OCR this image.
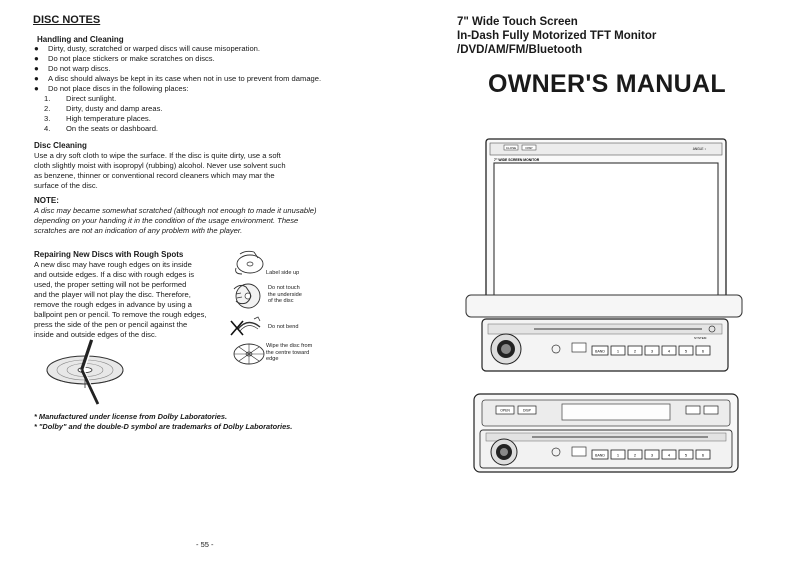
DISC NOTES
Handling and Cleaning
● Dirty, dusty, scratched or warped discs will cause misoperation.
● Do not place stickers or make scratches on discs.
● Do not warp discs.
● A disc should always be kept in its case when not in use to prevent from damage.
● Do not place discs in the following places:
1.	Direct sunlight.
2.	Dirty, dusty and damp areas.
3.	High temperature places.
4.	On the seats or dashboard.
Disc Cleaning
Use a dry soft cloth to wipe the surface. If the disc is quite dirty, use a soft
cloth slightly moist with isopropyl (rubbing) alcohol. Never use solvent such
as benzene, thinner or conventional record cleaners which may mar the
surface of the disc.
NOTE:
A disc may became somewhat scratched (although not enough to made it unusable)
depending on your handing it in the condition of the usage environment. These
scratches are not an indication of any problem with the player.
Repairing New Discs with Rough Spots
A new disc may have rough edges on its inside
and outside edges. If a disc with rough edges is
used, the proper setting will not be performed
and the player will not play the disc. Therefore,
remove the rough edges in advance by using a
ballpoint pen or pencil. To remove the rough edges,
press the side of the pen or pencil against the
inside and outside edges of the disc.
Label side up
Do not touch
the underside
of the disc
Do not bend
Wipe the disc from
the centre toward
edge
* Manufactured under license from Dolby Laboratories.
* "Dolby" and the double-D symbol are trademarks of Dolby Laboratories.
- 55 -
7" Wide Touch Screen
In-Dash Fully Motorized TFT Monitor
/DVD/AM/FM/Bluetooth
OWNER'S MANUAL
CLOSE	DISP	ANGLE ↕
7" WIDE SCREEN MONITOR
SYSTEM
BAND	1	2	3	4	5	6
OPEN	DISP
BAND	1	2	3	4	5	6
